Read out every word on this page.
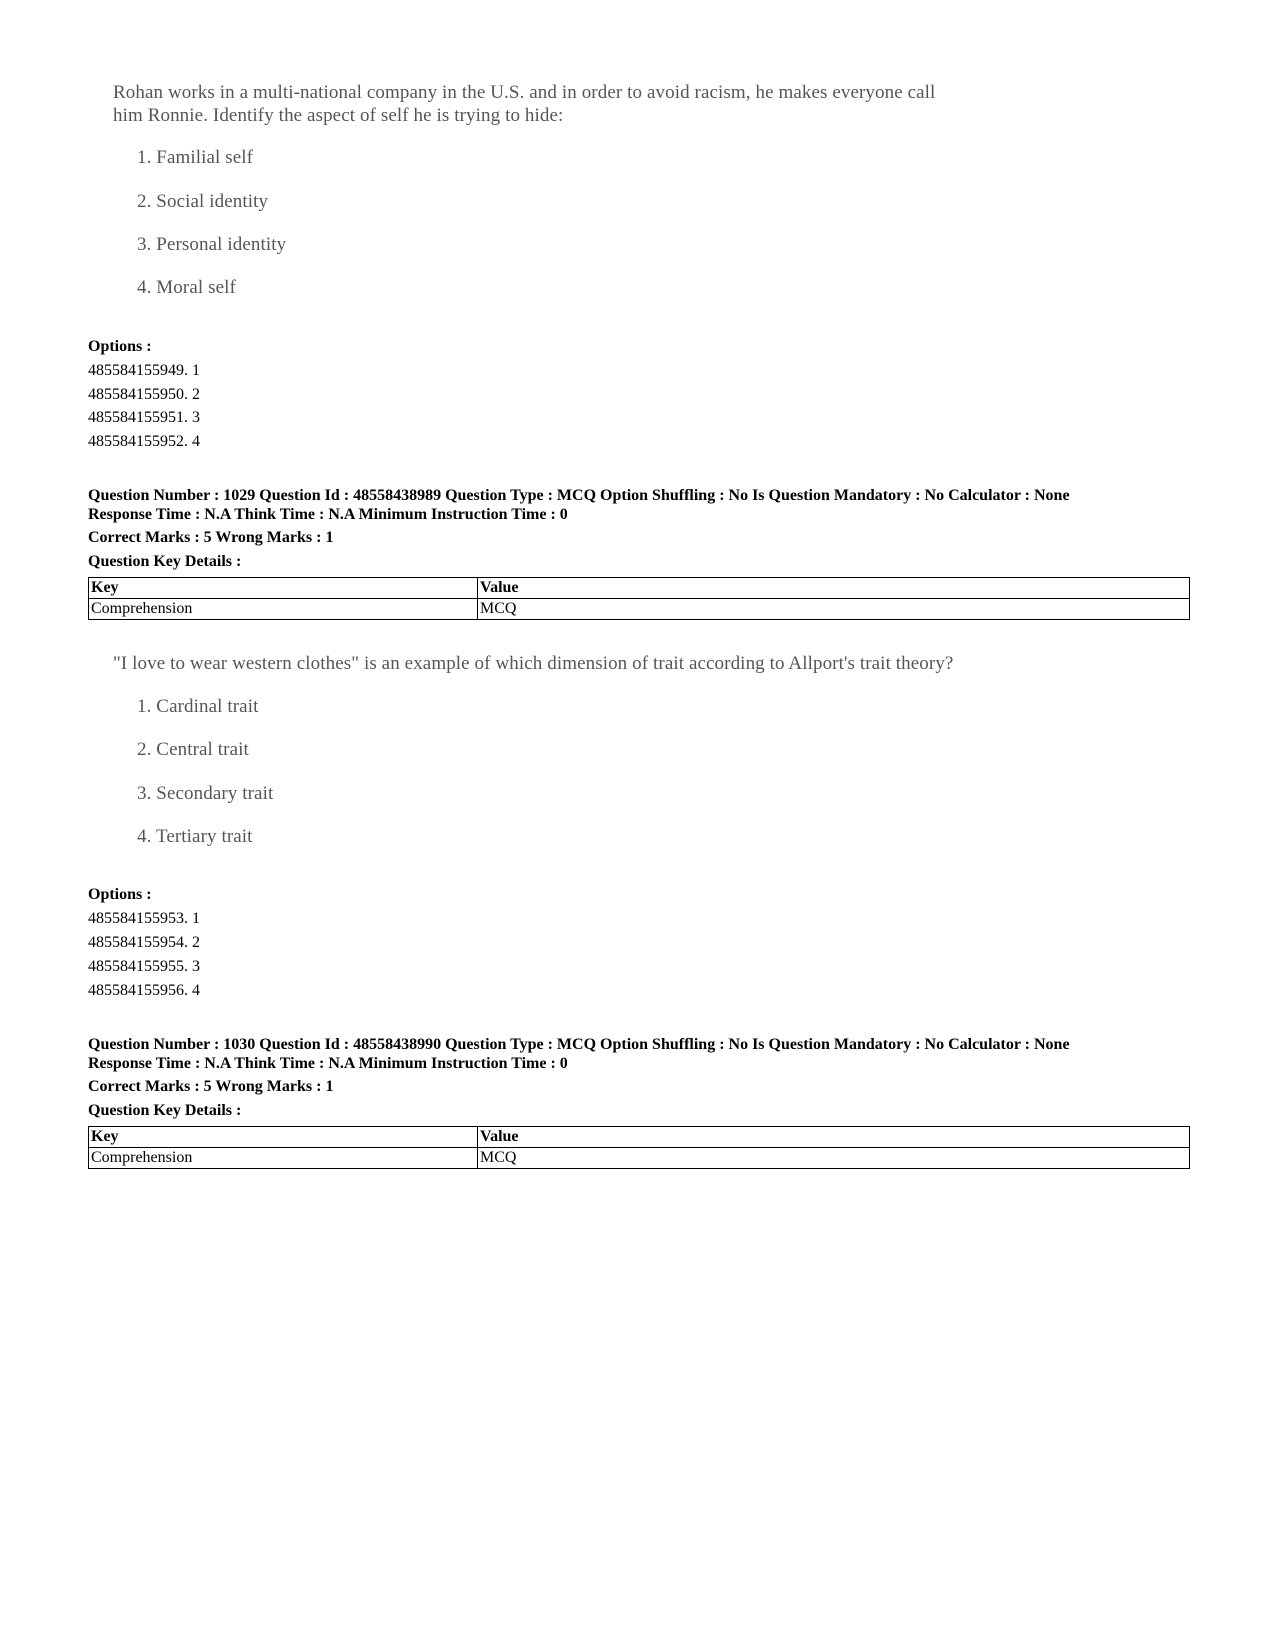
Rohan works in a multi-national company in the U.S. and in order to avoid racism, he makes everyone call

him Ronnie. Identify the aspect of self he is trying to hide:

1. Familial self
2. Social identity
3. Personal identity
4. Moral self
Options :
485584155949. 1
485584155950. 2
485584155951. 3
485584155952. 4
Question Number : 1029 Question Id : 48558438989 Question Type : MCQ Option Shuffling : No Is Question Mandatory : No Calculator : None
Response Time : N.A Think Time : N.A Minimum Instruction Time : 0
Correct Marks : 5 Wrong Marks : 1
Question Key Details :
Key	Value
Comprehension	MCQ

"I love to wear western clothes" is an example of which dimension of trait according to Allport's trait theory?

1. Cardinal trait
2. Central trait
3. Secondary trait
4. Tertiary trait
Options :
485584155953. 1
485584155954. 2
485584155955. 3
485584155956. 4
Question Number : 1030 Question Id : 48558438990 Question Type : MCQ Option Shuffling : No Is Question Mandatory : No Calculator : None
Response Time : N.A Think Time : N.A Minimum Instruction Time : 0
Correct Marks : 5 Wrong Marks : 1
Question Key Details :
Key	Value
Comprehension	MCQ
